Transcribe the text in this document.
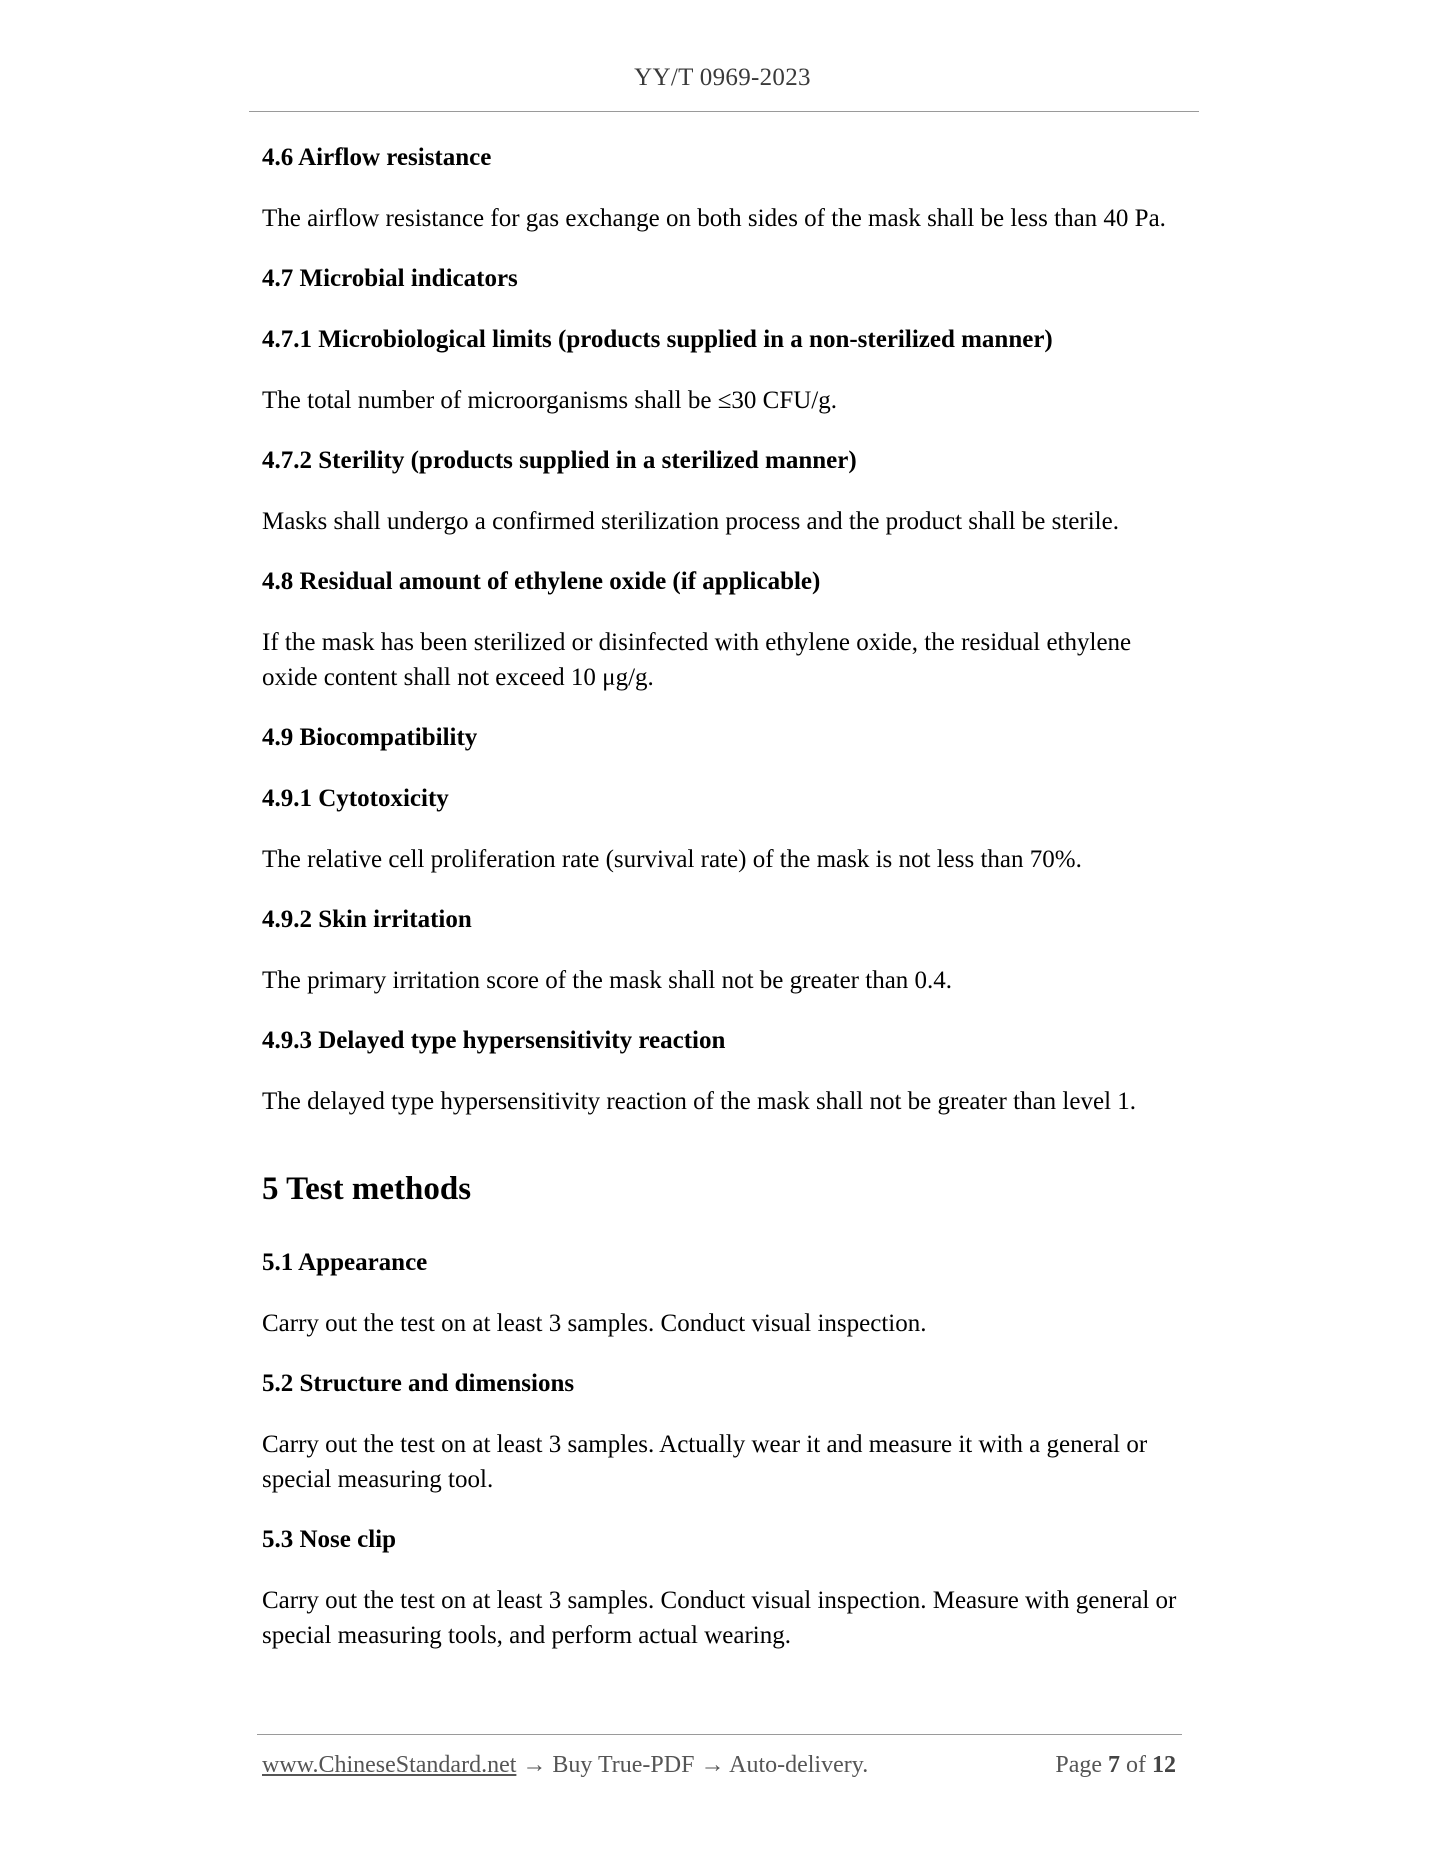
YY/T 0969-2023
4.6 Airflow resistance
The airflow resistance for gas exchange on both sides of the mask shall be less than 40 Pa.
4.7 Microbial indicators
4.7.1 Microbiological limits (products supplied in a non-sterilized manner)
The total number of microorganisms shall be ≤30 CFU/g.
4.7.2 Sterility (products supplied in a sterilized manner)
Masks shall undergo a confirmed sterilization process and the product shall be sterile.
4.8 Residual amount of ethylene oxide (if applicable)
If the mask has been sterilized or disinfected with ethylene oxide, the residual ethylene oxide content shall not exceed 10 μg/g.
4.9 Biocompatibility
4.9.1 Cytotoxicity
The relative cell proliferation rate (survival rate) of the mask is not less than 70%.
4.9.2 Skin irritation
The primary irritation score of the mask shall not be greater than 0.4.
4.9.3 Delayed type hypersensitivity reaction
The delayed type hypersensitivity reaction of the mask shall not be greater than level 1.
5 Test methods
5.1 Appearance
Carry out the test on at least 3 samples. Conduct visual inspection.
5.2 Structure and dimensions
Carry out the test on at least 3 samples. Actually wear it and measure it with a general or special measuring tool.
5.3 Nose clip
Carry out the test on at least 3 samples. Conduct visual inspection. Measure with general or special measuring tools, and perform actual wearing.
www.ChineseStandard.net → Buy True-PDF → Auto-delivery.	Page 7 of 12
